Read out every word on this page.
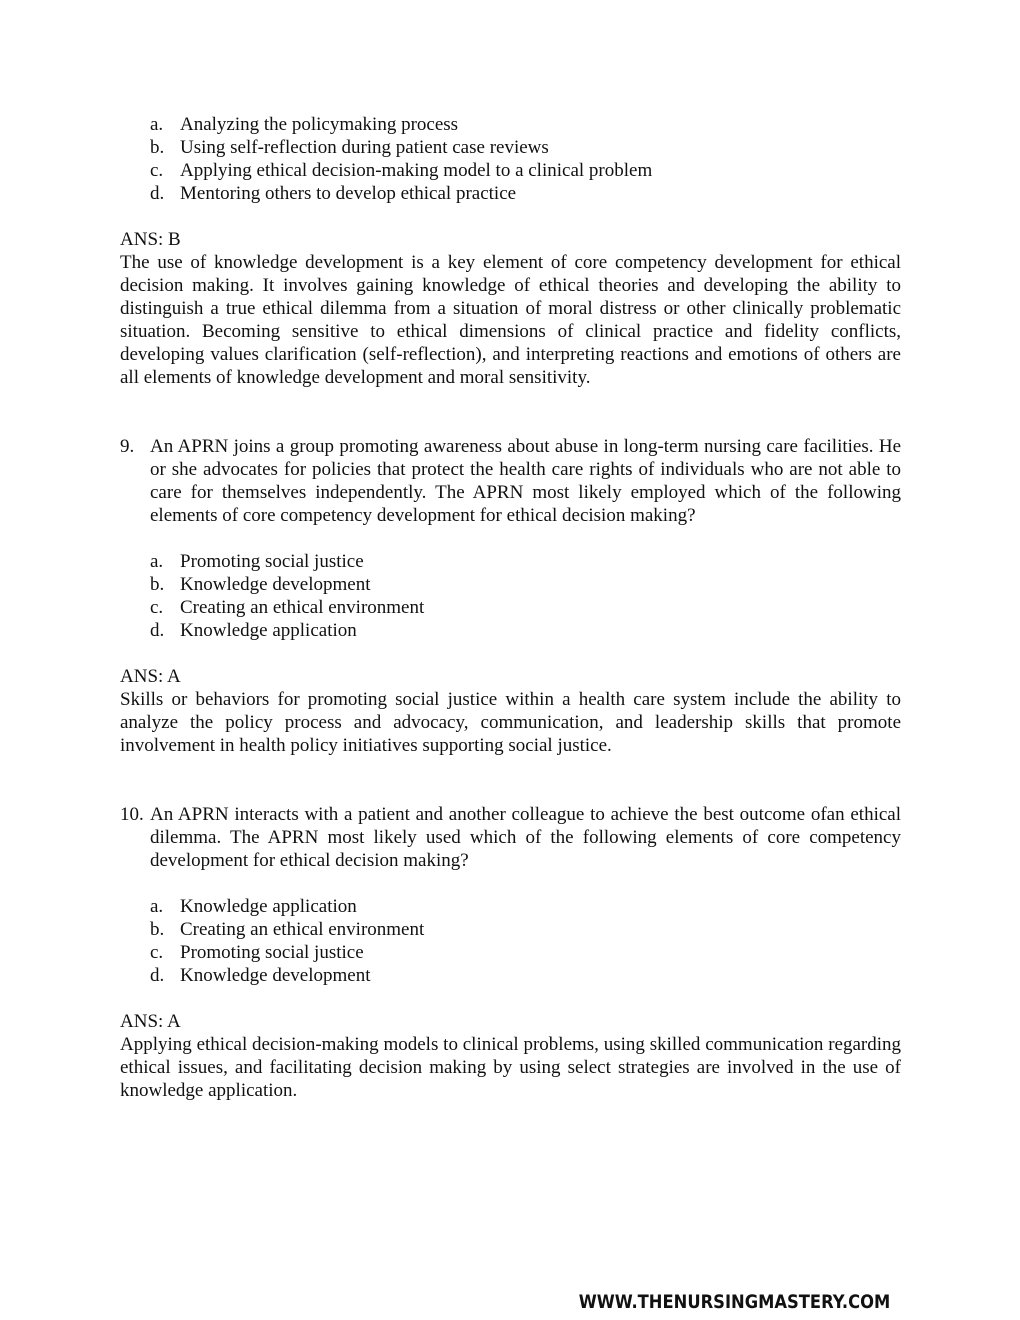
a. Analyzing the policymaking process
b. Using self-reflection during patient case reviews
c. Applying ethical decision-making model to a clinical problem
d. Mentoring others to develop ethical practice
ANS: B
The use of knowledge development is a key element of core competency development for ethical decision making. It involves gaining knowledge of ethical theories and developing the ability to distinguish a true ethical dilemma from a situation of moral distress or other clinically problematic situation. Becoming sensitive to ethical dimensions of clinical practice and fidelity conflicts, developing values clarification (self-reflection), and interpreting reactions and emotions of others are all elements of knowledge development and moral sensitivity.
9. An APRN joins a group promoting awareness about abuse in long-term nursing care facilities. He or she advocates for policies that protect the health care rights of individuals who are not able to care for themselves independently. The APRN most likely employed which of the following elements of core competency development for ethical decision making?
a. Promoting social justice
b. Knowledge development
c. Creating an ethical environment
d. Knowledge application
ANS: A
Skills or behaviors for promoting social justice within a health care system include the ability to analyze the policy process and advocacy, communication, and leadership skills that promote involvement in health policy initiatives supporting social justice.
10. An APRN interacts with a patient and another colleague to achieve the best outcome ofan ethical dilemma. The APRN most likely used which of the following elements of core competency development for ethical decision making?
a. Knowledge application
b. Creating an ethical environment
c. Promoting social justice
d. Knowledge development
ANS: A
Applying ethical decision-making models to clinical problems, using skilled communication regarding ethical issues, and facilitating decision making by using select strategies are involved in the use of knowledge application.
WWW.THENURSINGMASTERY.COM
